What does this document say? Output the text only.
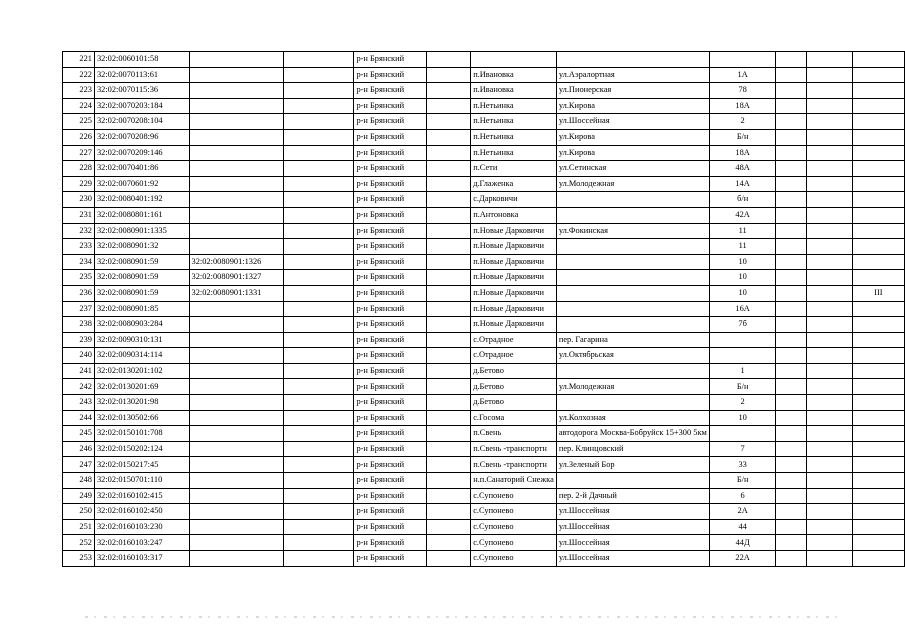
221	32:02:0060101:58			р-н Брянский							
222	32:02:0070113:61			р-н Брянский		п.Ивановка	ул.Аэралортная	1А			
223	32:02:0070115:36			р-н Брянский		п.Ивановка	ул.Пионерская	78			
224	32:02:0070203:184			р-н Брянский		п.Нетьинка	ул.Кирова	18А			
225	32:02:0070208:104			р-н Брянский		п.Нетьинка	ул.Шоссейная	2			
226	32:02:0070208:96			р-н Брянский		п.Нетьинка	ул.Кирова	Б/н			
227	32:02:0070209:146			р-н Брянский		п.Нетьинка	ул.Кирова	18А			
228	32:02:0070401:86			р-н Брянский		п.Сети	ул.Сетинская	48А			
229	32:02:0070601:92			р-н Брянский		д.Глаженка	ул.Молодежная	14А			
230	32:02:0080401:192			р-н Брянский		с.Дарковичи		б/н			
231	32:02:0080801:161			р-н Брянский		п.Антоновка		42А			
232	32:02:0080901:1335			р-н Брянский		п.Новые Дарковичи	ул.Фокинская	11			
233	32:02:0080901:32			р-н Брянский		п.Новые Дарковичи		11			
234	32:02:0080901:59	32:02:0080901:1326		р-н Брянский		п.Новые Дарковичи		10			
235	32:02:0080901:59	32:02:0080901:1327		р-н Брянский		п.Новые Дарковичи		10			
236	32:02:0080901:59	32:02:0080901:1331		р-н Брянский		п.Новые Дарковичи		10			III
237	32:02:0080901:85			р-н Брянский		п.Новые Дарковичи		16А			
238	32:02:0080903:284			р-н Брянский		п.Новые Дарковичи		7б			
239	32:02:0090310:131			р-н Брянский		с.Отрадное	пер. Гагарина				
240	32:02:0090314:114			р-н Брянский		с.Отрадное	ул.Октябрьская				
241	32:02:0130201:102			р-н Брянский		д.Бетово		1			
242	32:02:0130201:69			р-н Брянский		д.Бетово	ул.Молодежная	Б/н			
243	32:02:0130201:98			р-н Брянский		д.Бетово		2			
244	32:02:0130502:66			р-н Брянский		с.Госома	ул.Колхозная	10			
245	32:02:0150101:708			р-н Брянский		п.Свень	автодорога Москва-Бобруйск 15+300 5км				
246	32:02:0150202:124			р-н Брянский		п.Свень -транспортн	пер. Клинцовский	7			
247	32:02:0150217:45			р-н Брянский		п.Свень -транспортн	ул.Зеленый Бор	33			
248	32:02:0150701:110			р-н Брянский		н.п.Санаторий Снежка		Б/н			
249	32:02:0160102:415			р-н Брянский		с.Супонево	пер. 2-й Дачный	6			
250	32:02:0160102:450			р-н Брянский		с.Супонево	ул.Шоссейная	2А			
251	32:02:0160103:230			р-н Брянский		с.Супонево	ул.Шоссейная	44			
252	32:02:0160103:247			р-н Брянский		с.Супонево	ул.Шоссейная	44Д			
253	32:02:0160103:317			р-н Брянский		с.Супонево	ул.Шоссейная	22А			
